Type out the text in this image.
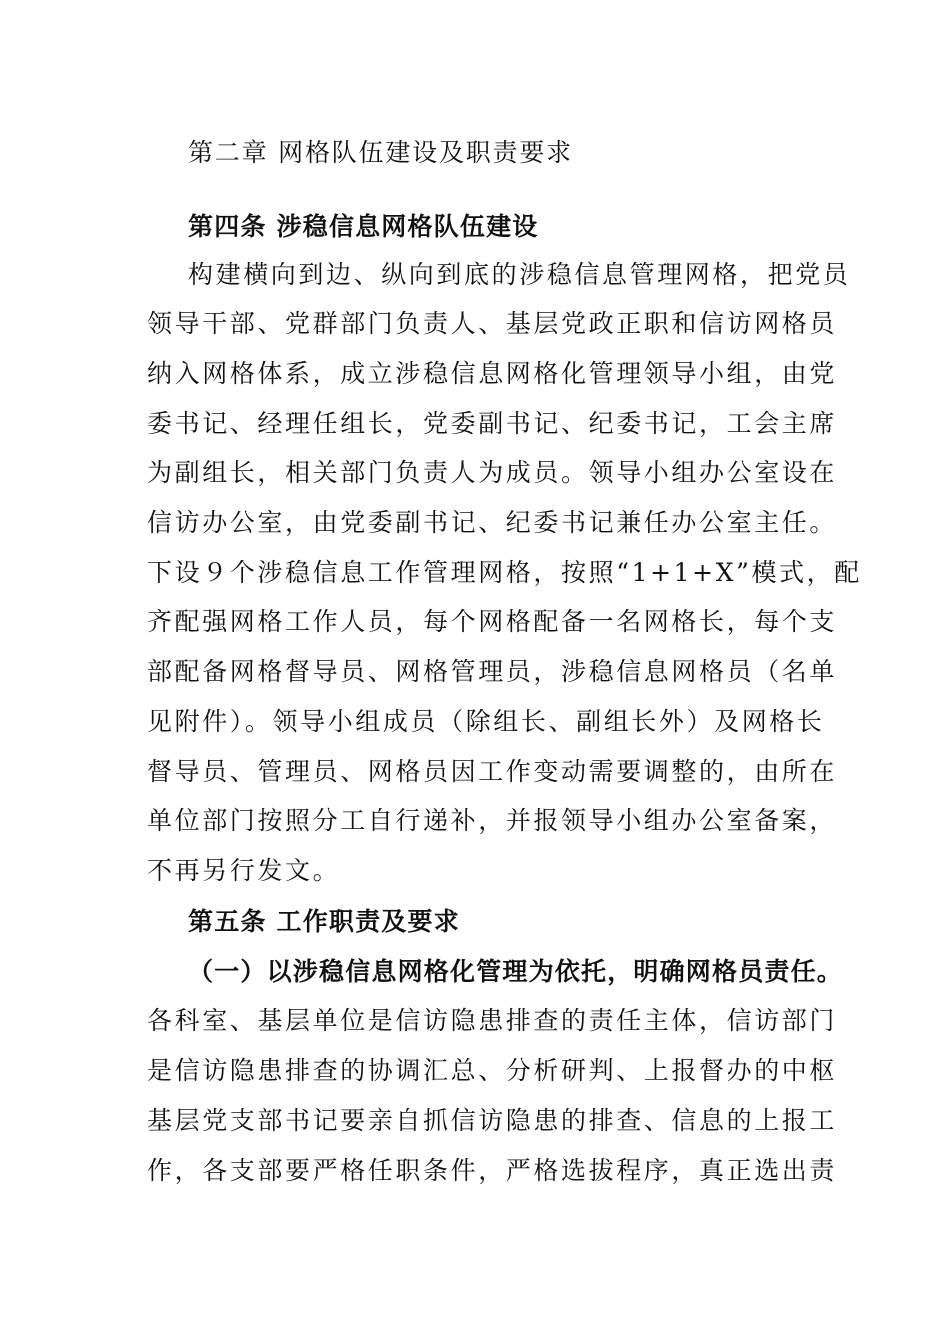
第二章 网格队伍建设及职责要求
第四条 涉稳信息网格队伍建设
构建横向到边、纵向到底的涉稳信息管理网格，把党员
领导干部、党群部门负责人、基层党政正职和信访网格员
纳入网格体系，成立涉稳信息网格化管理领导小组，由党
委书记、经理任组长，党委副书记、纪委书记，工会主席
为副组长，相关部门负责人为成员。领导小组办公室设在
信访办公室，由党委副书记、纪委书记兼任办公室主任。
下设９个涉稳信息工作管理网格，按照“1+1+X”模式，配
齐配强网格工作人员，每个网格配备一名网格长，每个支
部配备网格督导员、网格管理员，涉稳信息网格员（名单
见附件）。领导小组成员（除组长、副组长外）及网格长
督导员、管理员、网格员因工作变动需要调整的，由所在
单位部门按照分工自行递补，并报领导小组办公室备案，
不再另行发文。
第五条 工作职责及要求
（一）以涉稳信息网格化管理为依托，明确网格员责任。
各科室、基层单位是信访隐患排查的责任主体，信访部门
是信访隐患排查的协调汇总、分析研判、上报督办的中枢
基层党支部书记要亲自抓信访隐患的排查、信息的上报工
作，各支部要严格任职条件，严格选拔程序，真正选出责
